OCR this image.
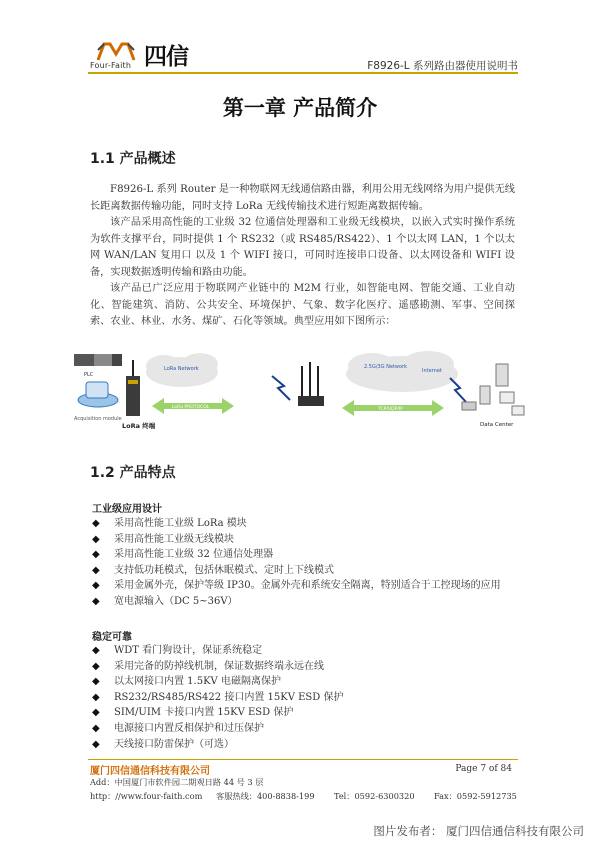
Four-Faith 四信	F8926-L 系列路由器使用说明书
第一章 产品简介
1.1 产品概述

F8926-L 系列 Router 是一种物联网无线通信路由器，利用公用无线网络为用户提供无线长距离数据传输功能，同时支持 LoRa 无线传输技术进行短距离数据传输。

该产品采用高性能的工业级 32 位通信处理器和工业级无线模块，以嵌入式实时操作系统为软件支撑平台，同时提供 1 个 RS232（或 RS485/RS422）、1 个以太网 LAN，1 个以太网 WAN/LAN 复用口 以及 1 个 WIFI 接口，可同时连接串口设备、以太网设备和 WIFI 设备，实现数据透明传输和路由功能。

该产品已广泛应用于物联网产业链中的 M2M 行业，如智能电网、智能交通、工业自动化、智能建筑、消防、公共安全、环境保护、气象、数字化医疗、遥感勘测、军事、空间探索、农业、林业、水务、煤矿、石化等领域。典型应用如下图所示：

PLC
Acquisition module
LoRa 终端
LoRa Network
LoRa PROTOCOL
2.5G/3G Network
Internet
TCP/UDP/IP
Data Center
1.2 产品特点
工业级应用设计
◆ 采用高性能工业级 LoRa 模块
◆ 采用高性能工业级无线模块
◆ 采用高性能工业级 32 位通信处理器
◆ 支持低功耗模式，包括休眠模式、定时上下线模式
◆ 采用金属外壳，保护等级 IP30。金属外壳和系统安全隔离，特别适合于工控现场的应用
◆ 宽电源输入（DC 5~36V）
稳定可靠
◆ WDT 看门狗设计，保证系统稳定
◆ 采用完备的防掉线机制，保证数据终端永远在线
◆ 以太网接口内置 1.5KV 电磁隔离保护
◆ RS232/RS485/RS422 接口内置 15KV ESD 保护
◆ SIM/UIM 卡接口内置 15KV ESD 保护
◆ 电源接口内置反相保护和过压保护
◆ 天线接口防雷保护（可选）
厦门四信通信科技有限公司	Page 7 of 84
Add：中国厦门市软件园二期观日路 44 号 3 层
http：//www.four-faith.com 客服热线：400-8838-199 Tel：0592-6300320 Fax：0592-5912735
图片发布者： 厦门四信通信科技有限公司
